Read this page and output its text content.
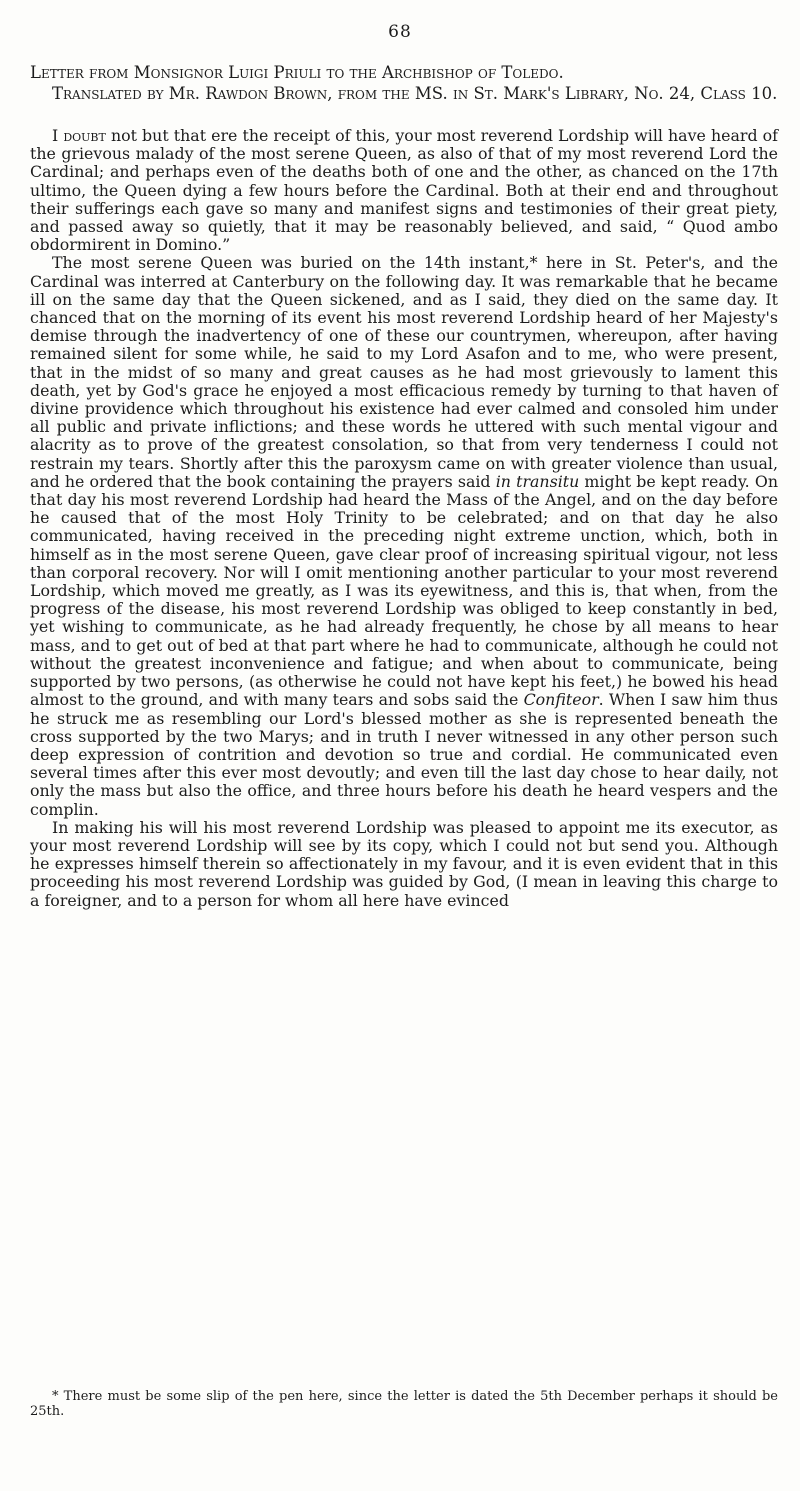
68
Letter from Monsignor Luigi Priuli to the Archbishop of Toledo.
Translated by Mr. Rawdon Brown, from the MS. in St. Mark's Library, No. 24, Class 10.

I doubt not but that ere the receipt of this, your most reverend Lordship will have heard of the grievous malady of the most serene Queen, as also of that of my most reverend Lord the Cardinal; and perhaps even of the deaths both of one and the other, as chanced on the 17th ultimo, the Queen dying a few hours before the Cardinal. Both at their end and throughout their sufferings each gave so many and manifest signs and testimonies of their great piety, and passed away so quietly, that it may be reasonably believed, and said, “ Quod ambo obdormirent in Domino.”

The most serene Queen was buried on the 14th instant,* here in St. Peter's, and the Cardinal was interred at Canterbury on the following day. It was remarkable that he became ill on the same day that the Queen sickened, and as I said, they died on the same day. It chanced that on the morning of its event his most reverend Lordship heard of her Majesty's demise through the inadvertency of one of these our countrymen, whereupon, after having remained silent for some while, he said to my Lord Asafon and to me, who were present, that in the midst of so many and great causes as he had most grievously to lament this death, yet by God's grace he enjoyed a most efficacious remedy by turning to that haven of divine providence which throughout his existence had ever calmed and consoled him under all public and private inflictions; and these words he uttered with such mental vigour and alacrity as to prove of the greatest consolation, so that from very tenderness I could not restrain my tears. Shortly after this the paroxysm came on with greater violence than usual, and he ordered that the book containing the prayers said in transitu might be kept ready. On that day his most reverend Lordship had heard the Mass of the Angel, and on the day before he caused that of the most Holy Trinity to be celebrated; and on that day he also communicated, having received in the preceding night extreme unction, which, both in himself as in the most serene Queen, gave clear proof of increasing spiritual vigour, not less than corporal recovery. Nor will I omit mentioning another particular to your most reverend Lordship, which moved me greatly, as I was its eyewitness, and this is, that when, from the progress of the disease, his most reverend Lordship was obliged to keep constantly in bed, yet wishing to communicate, as he had already frequently, he chose by all means to hear mass, and to get out of bed at that part where he had to communicate, although he could not without the greatest inconvenience and fatigue; and when about to communicate, being supported by two persons, (as otherwise he could not have kept his feet,) he bowed his head almost to the ground, and with many tears and sobs said the Confiteor. When I saw him thus he struck me as resembling our Lord's blessed mother as she is represented beneath the cross supported by the two Marys; and in truth I never witnessed in any other person such deep expression of contrition and devotion so true and cordial. He communicated even several times after this ever most devoutly; and even till the last day chose to hear daily, not only the mass but also the office, and three hours before his death he heard vespers and the complin.

In making his will his most reverend Lordship was pleased to appoint me its executor, as your most reverend Lordship will see by its copy, which I could not but send you. Although he expresses himself therein so affectionately in my favour, and it is even evident that in this proceeding his most reverend Lordship was guided by God, (I mean in leaving this charge to a foreigner, and to a person for whom all here have evinced

* There must be some slip of the pen here, since the letter is dated the 5th December perhaps it should be 25th.
